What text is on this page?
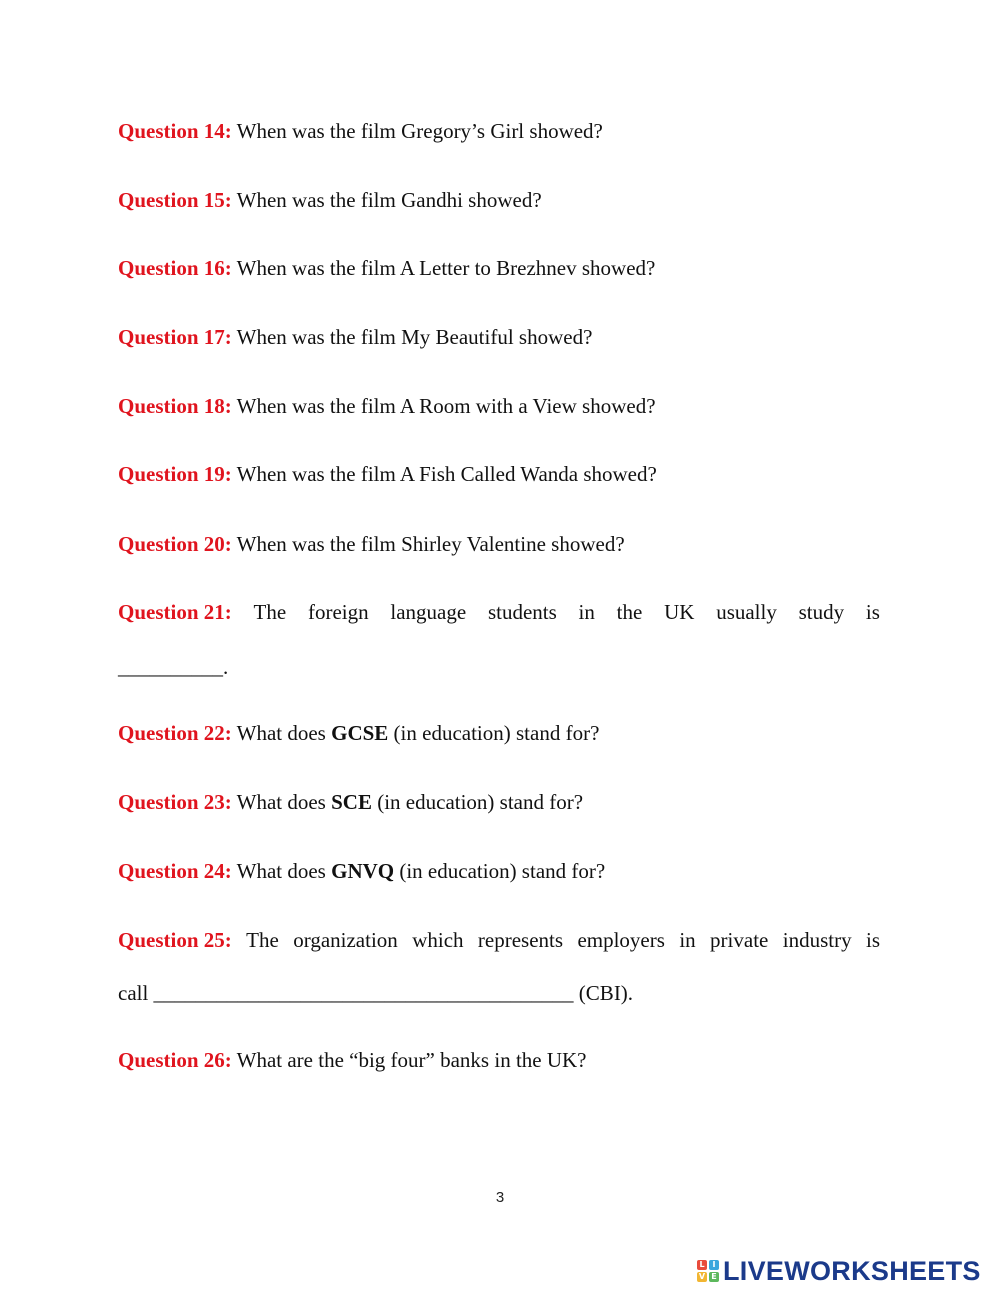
Question 14: When was the film Gregory’s Girl showed?
Question 15: When was the film Gandhi showed?
Question 16: When was the film A Letter to Brezhnev showed?
Question 17: When was the film My Beautiful showed?
Question 18: When was the film A Room with a View showed?
Question 19: When was the film A Fish Called Wanda showed?
Question 20: When was the film Shirley Valentine showed?
Question 21: The foreign language students in the UK usually study is
__________.
Question 22: What does GCSE (in education) stand for?
Question 23: What does SCE (in education) stand for?
Question 24: What does GNVQ (in education) stand for?
Question 25: The organization which represents employers in private industry is
call ________________________________________ (CBI).
Question 26: What are the “big four” banks in the UK?
3
L I
V E LIVEWORKSHEETS
